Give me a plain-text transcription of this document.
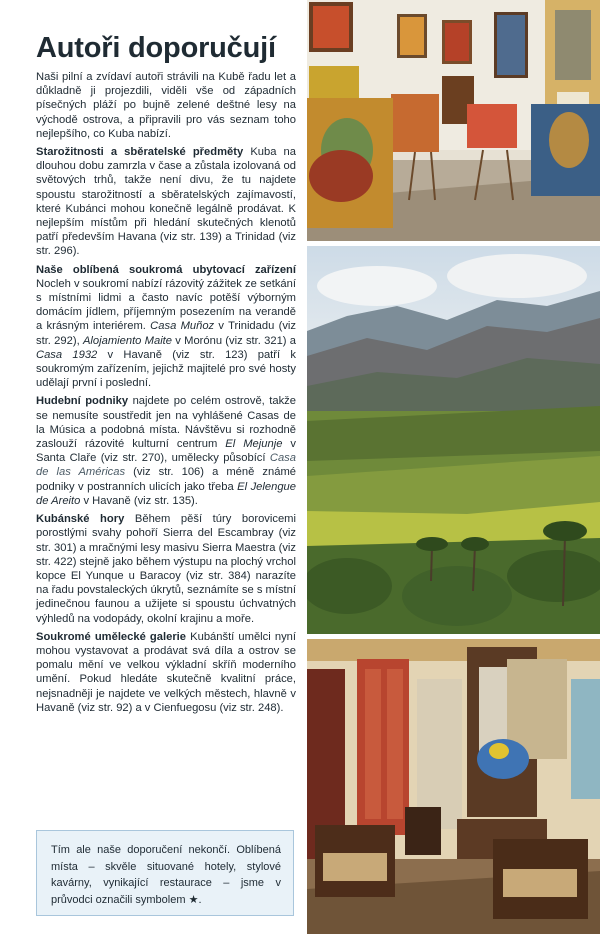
Autoři doporučují

Naši pilní a zvídaví autoři strávili na Kubě řadu let a důkladně ji projezdili, viděli vše od západních písečných pláží po bujně zelené deštné lesy na východě ostrova, a připravili pro vás seznam toho nejlepšího, co Kuba nabízí.

Starožitnosti a sběratelské předměty Kuba na dlouhou dobu zamrzla v čase a zůstala izolovaná od světových trhů, takže není divu, že tu najdete spoustu starožitností a sběratelských zajímavostí, které Kubánci mohou konečně legálně prodávat. K nejlepším místům při hledání skutečných klenotů patří především Havana (viz str. 139) a Trinidad (viz str. 296).

Naše oblíbená soukromá ubytovací zařízení Nocleh v soukromí nabízí rázovitý zážitek ze setkání s místními lidmi a často navíc potěší výborným domácím jídlem, příjemným posezením na verandě a krásným interiérem. Casa Muñoz v Trinidadu (viz str. 292), Alojamiento Maite v Morónu (viz str. 321) a Casa 1932 v Havaně (viz str. 123) patří k soukromým zařízením, jejichž majitelé pro své hosty udělají první i poslední.

Hudební podniky najdete po celém ostrově, takže se nemusíte soustředit jen na vyhlášené Casas de la Música a podobná místa. Návštěvu si rozhodně zaslouží rázovité kulturní centrum El Mejunje v Santa Claře (viz str. 270), umělecky působící Casa de las Américas (viz str. 106) a méně známé podniky v postranních ulicích jako třeba El Jelengue de Areito v Havaně (viz str. 135).

Kubánské hory Během pěší túry borovicemi porostlými svahy pohoří Sierra del Escambray (viz str. 301) a mračnými lesy masivu Sierra Maestra (viz str. 422) stejně jako během výstupu na plochý vrchol kopce El Yunque u Baracoy (viz str. 384) narazíte na řadu povstaleckých úkrytů, seznámíte se s místní jedinečnou faunou a užijete si spoustu úchvatných výhledů na vodopády, okolní krajinu a moře.

Soukromé umělecké galerie Kubánští umělci nyní mohou vystavovat a prodávat svá díla a ostrov se pomalu mění ve velkou výkladní skříň moderního umění. Pokud hledáte skutečně kvalitní práce, nejsnadněji je najdete ve velkých městech, hlavně v Havaně (viz str. 92) a v Cienfuegosu (viz str. 248).

Tím ale naše doporučení nekončí. Oblíbená místa – skvěle situované hotely, stylové kavárny, vynikající restaurace – jsme v průvodci označili symbolem ★.
